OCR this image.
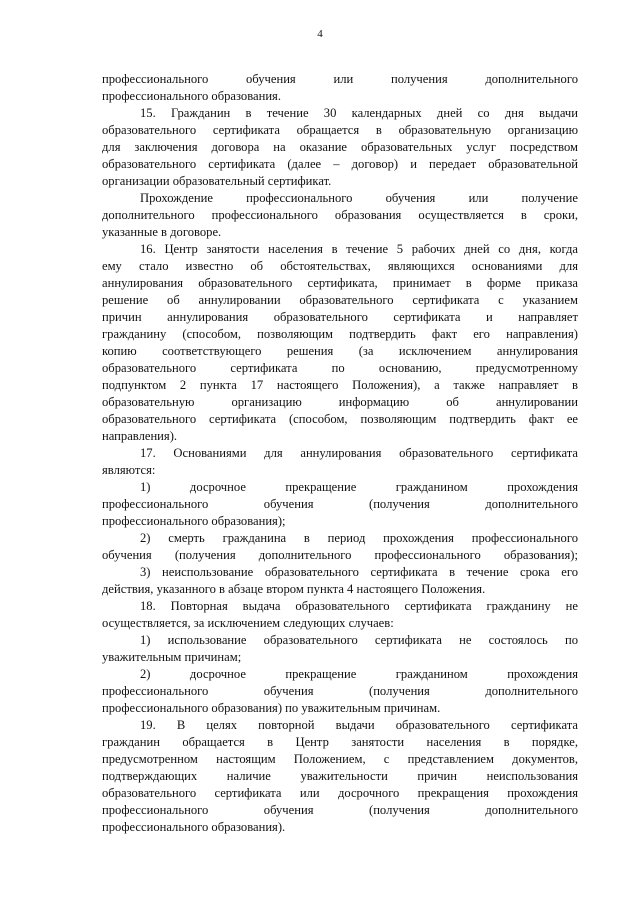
4
профессионального обучения или получения дополнительного
профессионального образования.
15. Гражданин в течение 30 календарных дней со дня выдачи
образовательного сертификата обращается в образовательную организацию
для заключения договора на оказание образовательных услуг посредством
образовательного сертификата (далее – договор) и передает образовательной
организации образовательный сертификат.
Прохождение профессионального обучения или получение
дополнительного профессионального образования осуществляется в сроки,
указанные в договоре.
16. Центр занятости населения в течение 5 рабочих дней со дня, когда
ему стало известно об обстоятельствах, являющихся основаниями для
аннулирования образовательного сертификата, принимает в форме приказа
решение об аннулировании образовательного сертификата с указанием
причин аннулирования образовательного сертификата и направляет
гражданину (способом, позволяющим подтвердить факт его направления)
копию соответствующего решения (за исключением аннулирования
образовательного сертификата по основанию, предусмотренному
подпунктом 2 пункта 17 настоящего Положения), а также направляет в
образовательную организацию информацию об аннулировании
образовательного сертификата (способом, позволяющим подтвердить факт ее
направления).
17. Основаниями для аннулирования образовательного сертификата
являются:
1) досрочное прекращение гражданином прохождения
профессионального обучения (получения дополнительного
профессионального образования);
2) смерть гражданина в период прохождения профессионального
обучения (получения дополнительного профессионального образования);
3) неиспользование образовательного сертификата в течение срока его
действия, указанного в абзаце втором пункта 4 настоящего Положения.
18. Повторная выдача образовательного сертификата гражданину не
осуществляется, за исключением следующих случаев:
1) использование образовательного сертификата не состоялось по
уважительным причинам;
2) досрочное прекращение гражданином прохождения
профессионального обучения (получения дополнительного
профессионального образования) по уважительным причинам.
19. В целях повторной выдачи образовательного сертификата
гражданин обращается в Центр занятости населения в порядке,
предусмотренном настоящим Положением, с представлением документов,
подтверждающих наличие уважительности причин неиспользования
образовательного сертификата или досрочного прекращения прохождения
профессионального обучения (получения дополнительного
профессионального образования).
